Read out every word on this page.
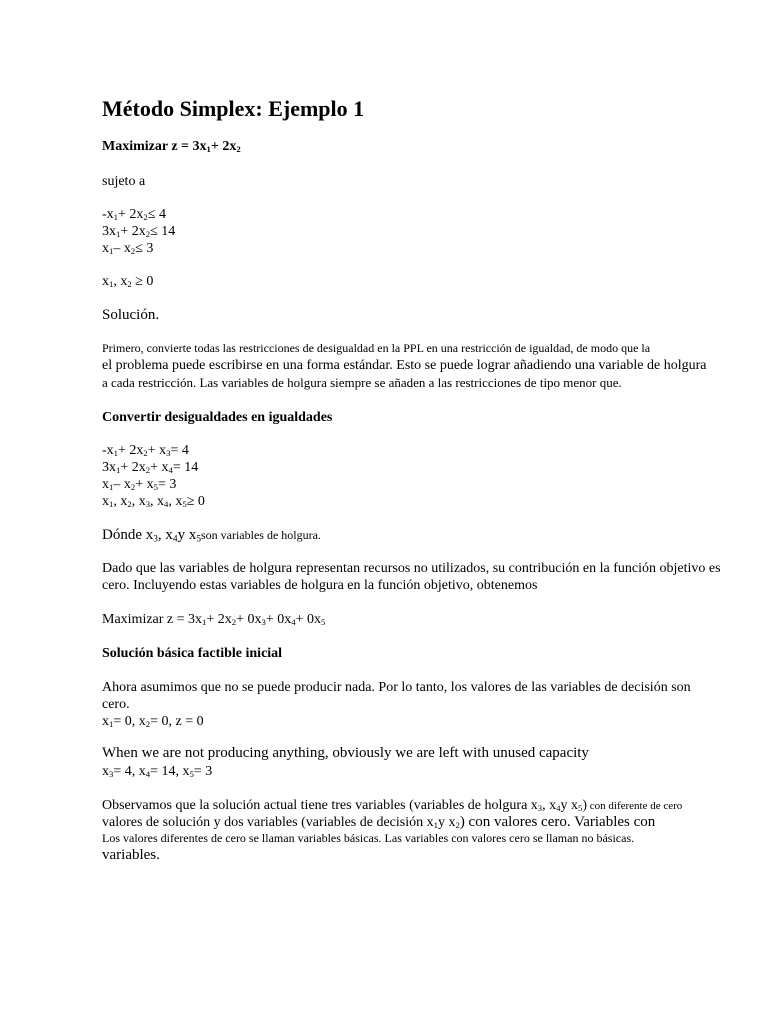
Método Simplex: Ejemplo 1
Maximizar $z = 3x_1+ 2x_2$
sujeto a
$-x_1+ 2x_2\le 4$
$3x_1+ 2x_2\le 14$
$x_1-$ $x_2\le 3$
$x_1$, $x_2 \ge 0$
Solución.
Primero, convierte todas las restricciones de desigualdad en la PPL en una restricción de igualdad, de modo que la
el problema puede escribirse en una forma estándar. Esto se puede lograr añadiendo una variable de holgura
a cada restricción. Las variables de holgura siempre se añaden a las restricciones de tipo menor que.
Convertir desigualdades en igualdades
$-x_1+ 2x_2+ x_3= 4$
$3x_1+ 2x_2+ x_4= 14$
$x_1-$ $x_2+ x_5= 3$
$x_1$, $x_2$, $x_3$, $x_4$, $x_5\ge 0$
Dónde $x_3$, $x_4y$ $x_5son$ variables de holgura.
Dado que las variables de holgura representan recursos no utilizados, su contribución en la función objetivo es
cero. Incluyendo estas variables de holgura en la función objetivo, obtenemos
Maximizar $z = 3x_1+ 2x_2+ 0x_3+ 0x_4+ 0x_5$
Solución básica factible inicial
Ahora asumimos que no se puede producir nada. Por lo tanto, los valores de las variables de decisión son
cero.
$x_1= 0$, $x_2= 0$, z = 0
When we are not producing anything, obviously we are left with unused capacity
$x_3= 4$, $x_4= 14$, $x_5= 3$
Observamos que la solución actual tiene tres variables (variables de holgura $x_3$, $x_4y$ $x_5$) con diferente de cero
valores de solución y dos variables (variables de decisión $x_1y$ $x_2$) con valores cero. Variables con
Los valores diferentes de cero se llaman variables básicas. Las variables con valores cero se llaman no básicas.
variables.
